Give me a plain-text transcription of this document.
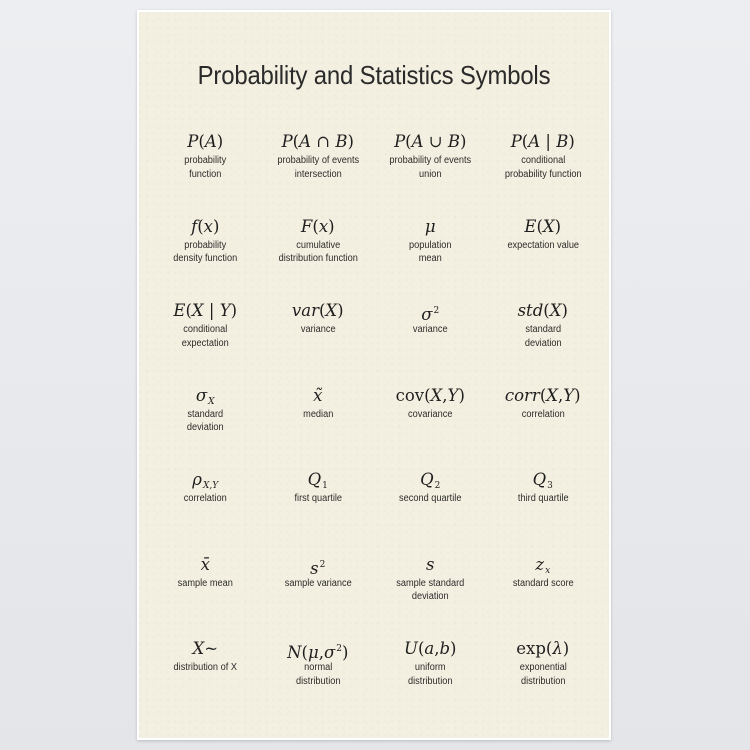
Probability and Statistics Symbols
P(A)
probability
function
P(A ∩ B)
probability of events
intersection
P(A ∪ B)
probability of events
union
P(A | B)
conditional
probability function
f(x)
probability
density function
F(x)
cumulative
distribution function
μ
population
mean
E(X)
expectation value
E(X | Y)
conditional
expectation
var(X)
variance
$\sigma^2$
variance
std(X)
standard
deviation
$\sigma_X$
standard
deviation
x̃
median
cov(X,Y)
covariance
corr(X,Y)
correlation
$\rho_{X,Y}$
correlation
$Q_1$
first quartile
$Q_2$
second quartile
$Q_3$
third quartile
x̄
sample mean
$s^2$
sample variance
s
sample standard
deviation
$z_x$
standard score
X~
distribution of X
$N(\mu,\sigma^2)$
normal
distribution
U(a,b)
uniform
distribution
exp(λ)
exponential
distribution
